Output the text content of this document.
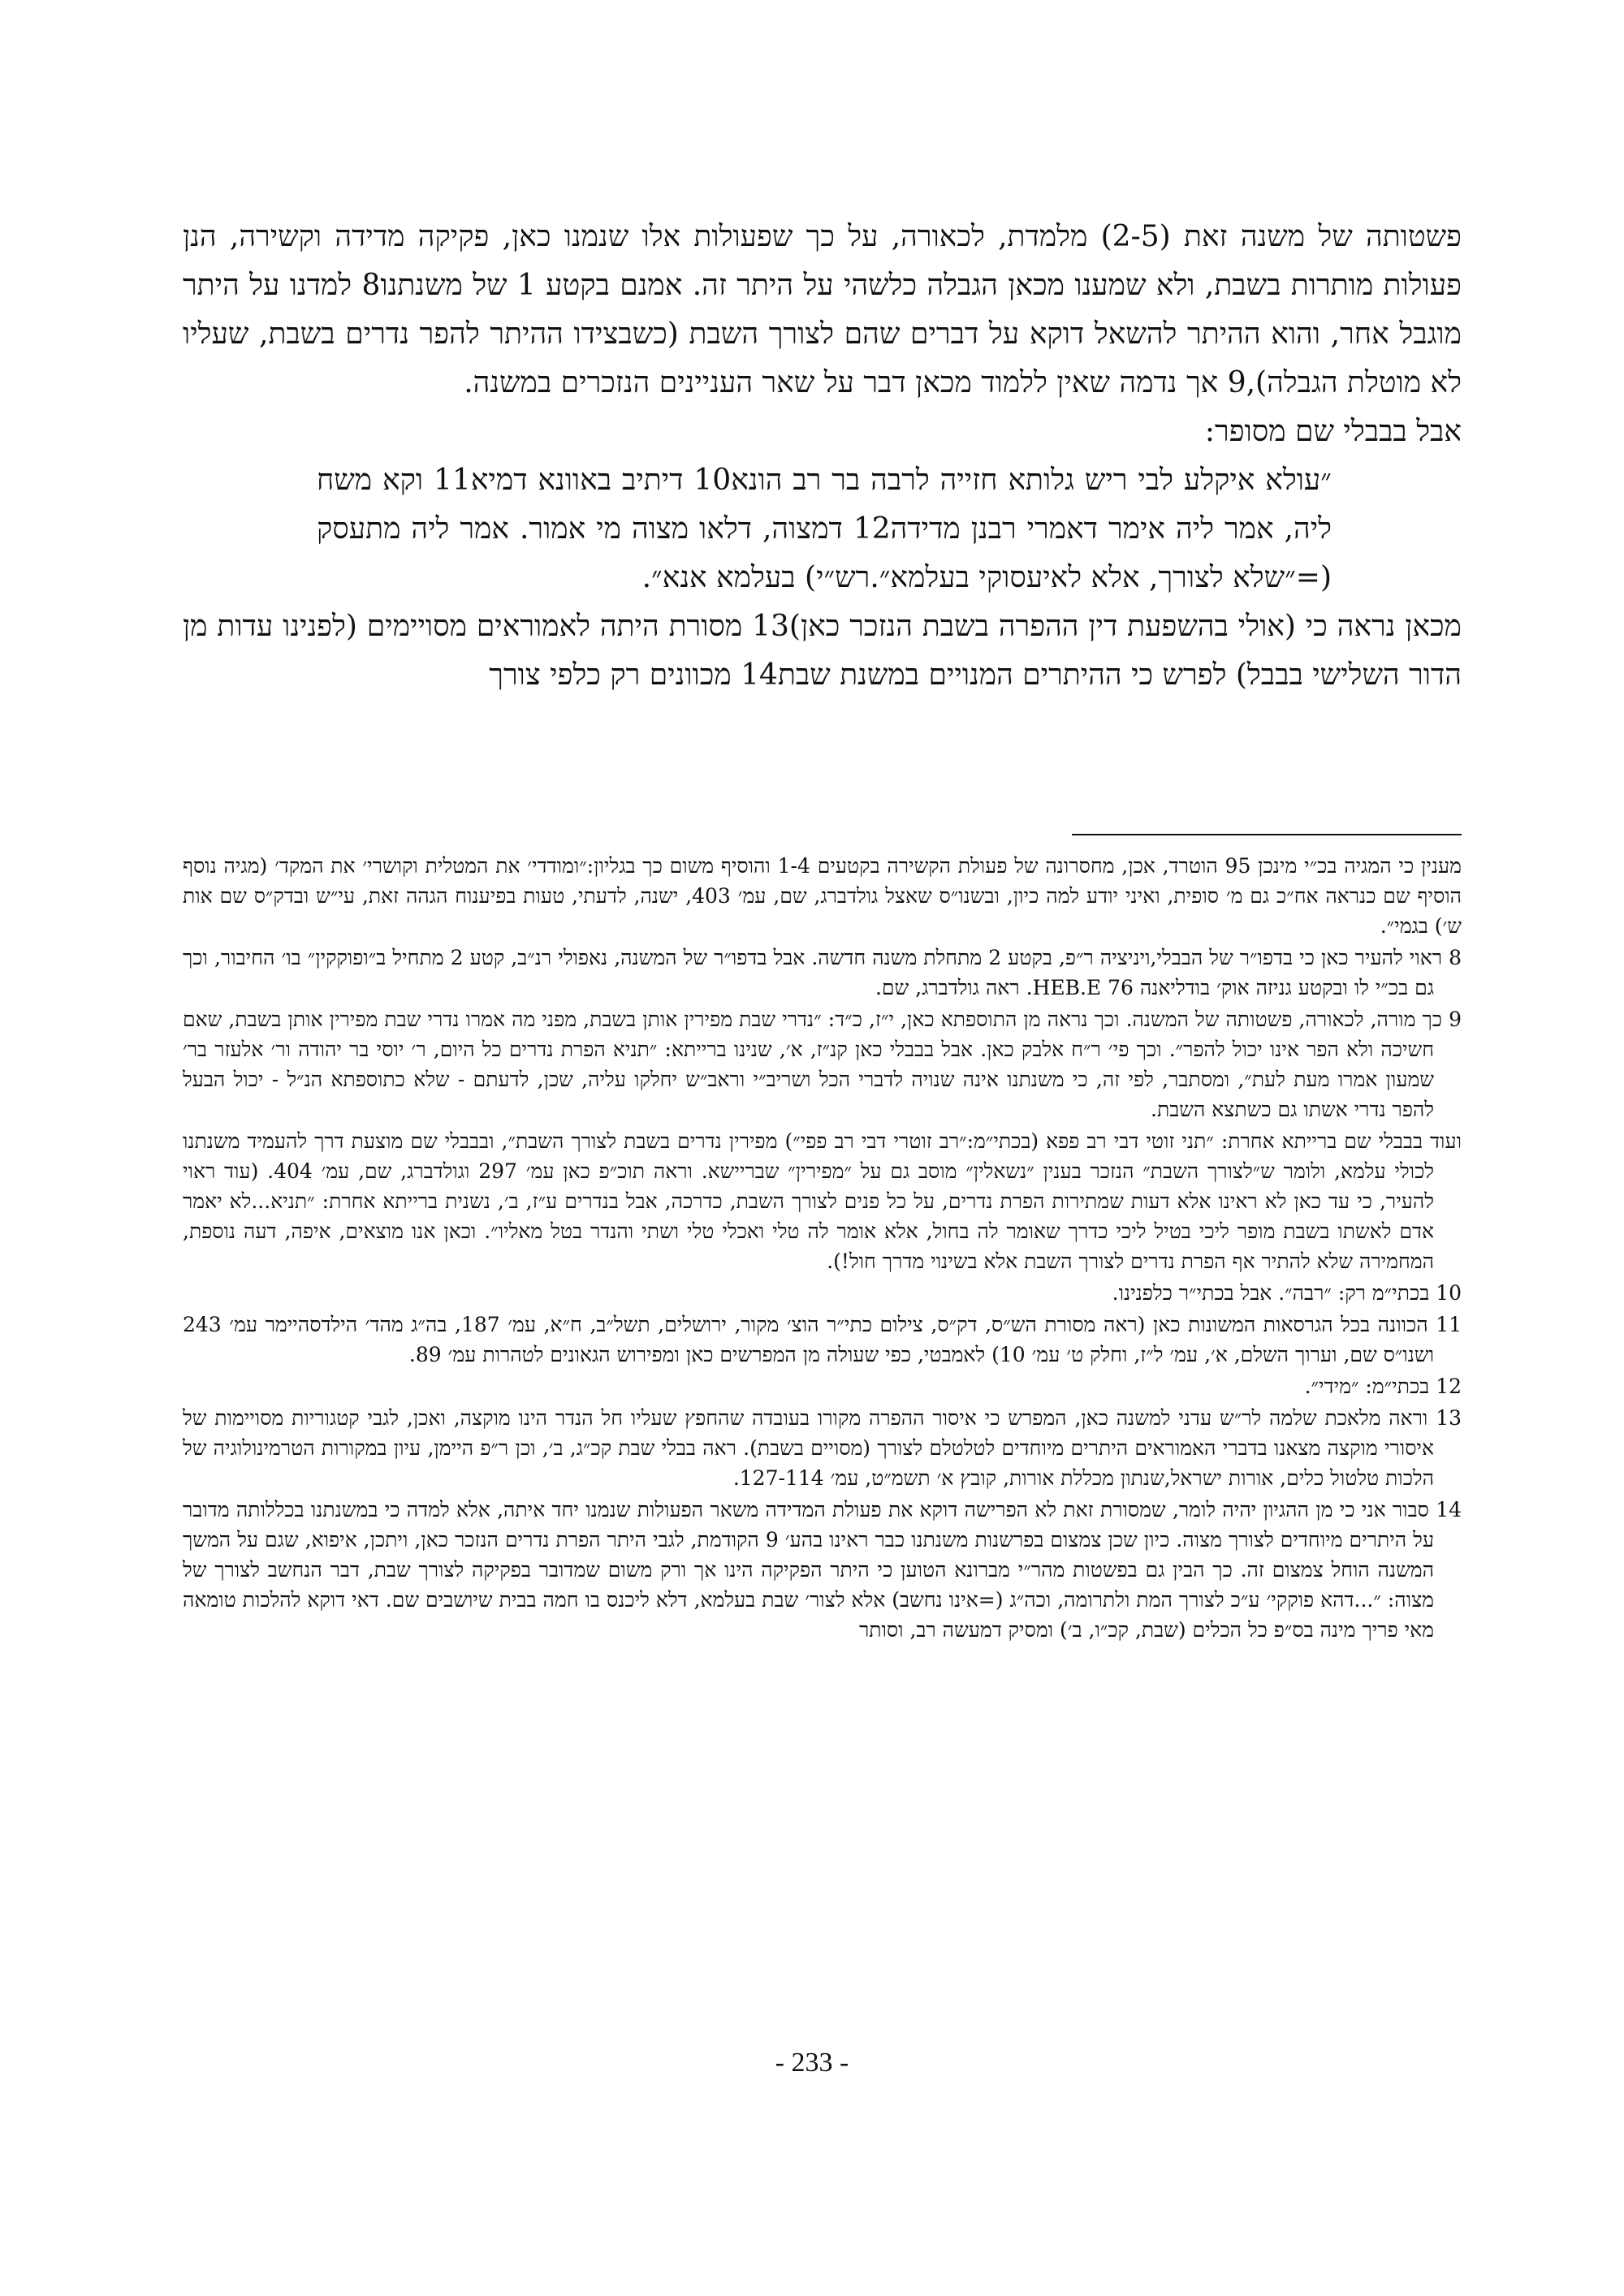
פשטותה של משנה זאת (2-5) מלמדת, לכאורה, על כך שפעולות אלו שנמנו כאן, פקיקה מדידה וקשירה, הנן פעולות מותרות בשבת, ולא שמענו מכאן הגבלה כלשהי על היתר זה. אמנם בקטע 1 של משנתנו8 למדנו על היתר מוגבל אחר, והוא ההיתר להשאל דוקא על דברים שהם לצורך השבת (כשבצידו ההיתר להפר נדרים בשבת, שעליו לא מוטלת הגבלה),9 אך נדמה שאין ללמוד מכאן דבר על שאר העניינים הנזכרים במשנה.

אבל בבבלי שם מסופר:

״עולא איקלע לבי ריש גלותא חזייה לרבה בר רב הונא10 דיתיב באוונא דמיא11 וקא משח ליה, אמר ליה אימר דאמרי רבנן מדידה12 דמצוה, דלאו מצוה מי אמור. אמר ליה מתעסק (=״שלא לצורך, אלא לאיעסוקי בעלמא״.רש״י) בעלמא אנא״.

מכאן נראה כי (אולי בהשפעת דין ההפרה בשבת הנזכר כאן)13 מסורת היתה לאמוראים מסויימים (לפנינו עדות מן הדור השלישי בבבל) לפרש כי ההיתרים המנויים במשנת שבת14 מכוונים רק כלפי צורך

מענין כי המגיה בכ״י מינכן 95 הוטרד, אכן, מחסרונה של פעולת הקשירה בקטעים 1-4 והוסיף משום כך בגליון:״ומודדי׳ את המטלית וקושרי׳ את המקד׳ (מגיה נוסף הוסיף שם כנראה אח״כ גם מ׳ סופית, ואיני יודע למה כיון, ובשנו״ס שאצל גולדברג, שם, עמ׳ 403, ישנה, לדעתי, טעות בפיענוח הגהה זאת, עי״ש ובדק״ס שם אות ש׳) בגמי״.

8 ראוי להעיר כאן כי בדפו״ר של הבבלי,ויניציה ר״פ, בקטע 2 מתחלת משנה חדשה. אבל בדפו״ר של המשנה, נאפולי רנ״ב, קטע 2 מתחיל ב״ופוקקין״ בו׳ החיבור, וכך גם בכ״י לו ובקטע גניזה אוק׳ בודליאנה HEB.E 76. ראה גולדברג, שם.

9 כך מורה, לכאורה, פשטותה של המשנה. וכך נראה מן התוספתא כאן, י״ז, כ״ד: ״נדרי שבת מפירין אותן בשבת, מפני מה אמרו נדרי שבת מפירין אותן בשבת, שאם חשיכה ולא הפר אינו יכול להפר״. וכך פי׳ ר״ח אלבק כאן. אבל בבבלי כאן קנ״ז, א׳, שנינו ברייתא: ״תניא הפרת נדרים כל היום, ר׳ יוסי בר יהודה ור׳ אלעזר בר׳ שמעון אמרו מעת לעת״, ומסתבר, לפי זה, כי משנתנו אינה שנויה לדברי הכל ושריב״י וראב״ש יחלקו עליה, שכן, לדעתם - שלא כתוספתא הנ״ל - יכול הבעל להפר נדרי אשתו גם כשתצא השבת.

ועוד בבבלי שם ברייתא אחרת: ״תני זוטי דבי רב פפא (בכתי״מ:״רב זוטרי דבי רב פפי״) מפירין נדרים בשבת לצורך השבת״, ובבבלי שם מוצעת דרך להעמיד משנתנו לכולי עלמא, ולומר ש״לצורך השבת״ הנזכר בענין ״נשאלין״ מוסב גם על ״מפירין״ שבריישא. וראה תוכ״פ כאן עמ׳ 297 וגולדברג, שם, עמ׳ 404. (עוד ראוי להעיר, כי עד כאן לא ראינו אלא דעות שמתירות הפרת נדרים, על כל פנים לצורך השבת, כדרכה, אבל בנדרים ע״ז, ב׳, נשנית ברייתא אחרת: ״תניא...לא יאמר אדם לאשתו בשבת מופר ליכי בטיל ליכי כדרך שאומר לה בחול, אלא אומר לה טלי ואכלי טלי ושתי והנדר בטל מאליו״. וכאן אנו מוצאים, איפה, דעה נוספת, המחמירה שלא להתיר אף הפרת נדרים לצורך השבת אלא בשינוי מדרך חול!).

10 בכתי״מ רק: ״רבה״. אבל בכתי״ר כלפנינו.

11 הכוונה בכל הגרסאות המשונות כאן (ראה מסורת הש״ס, דק״ס, צילום כתי״ר הוצ׳ מקור, ירושלים, תשל״ב, ח״א, עמ׳ 187, בה״ג מהד׳ הילדסהיימר עמ׳ 243 ושנו״ס שם, וערוך השלם, א׳, עמ׳ ל״ז, וחלק ט׳ עמ׳ 10) לאמבטי, כפי שעולה מן המפרשים כאן ומפירוש הגאונים לטהרות עמ׳ 89.

12 בכתי״מ: ״מידי״.

13 וראה מלאכת שלמה לר״ש עדני למשנה כאן, המפרש כי איסור ההפרה מקורו בעובדה שהחפץ שעליו חל הנדר הינו מוקצה, ואכן, לגבי קטגוריות מסויימות של איסורי מוקצה מצאנו בדברי האמוראים היתרים מיוחדים לטלטלם לצורך (מסויים בשבת). ראה בבלי שבת קכ״ג, ב׳, וכן ר״פ היימן, עיון במקורות הטרמינולוגיה של הלכות טלטול כלים, אורות ישראל,שנתון מכללת אורות, קובץ א׳ תשמ״ט, עמ׳ 127-114.

14 סבור אני כי מן ההגיון יהיה לומר, שמסורת זאת לא הפרישה דוקא את פעולת המדידה משאר הפעולות שנמנו יחד איתה, אלא למדה כי במשנתנו בכללותה מדובר על היתרים מיוחדים לצורך מצוה. כיון שכן צמצום בפרשנות משנתנו כבר ראינו בהע׳ 9 הקודמת, לגבי היתר הפרת נדרים הנזכר כאן, ויתכן, איפוא, שגם על המשך המשנה הוחל צמצום זה. כך הבין גם בפשטות מהר״י מברונא הטוען כי היתר הפקיקה הינו אך ורק משום שמדובר בפקיקה לצורך שבת, דבר הנחשב לצורך של מצוה: ״...דהא פוקקי׳ ע״כ לצורך המת ולתרומה, וכה״ג (=אינו נחשב) אלא לצור׳ שבת בעלמא, דלא ליכנס בו חמה בבית שיושבים שם. דאי דוקא להלכות טומאה מאי פריך מינה בס״פ כל הכלים (שבת, קכ״ו, ב׳) ומסיק דמעשה רב, וסותר

- 233 -
